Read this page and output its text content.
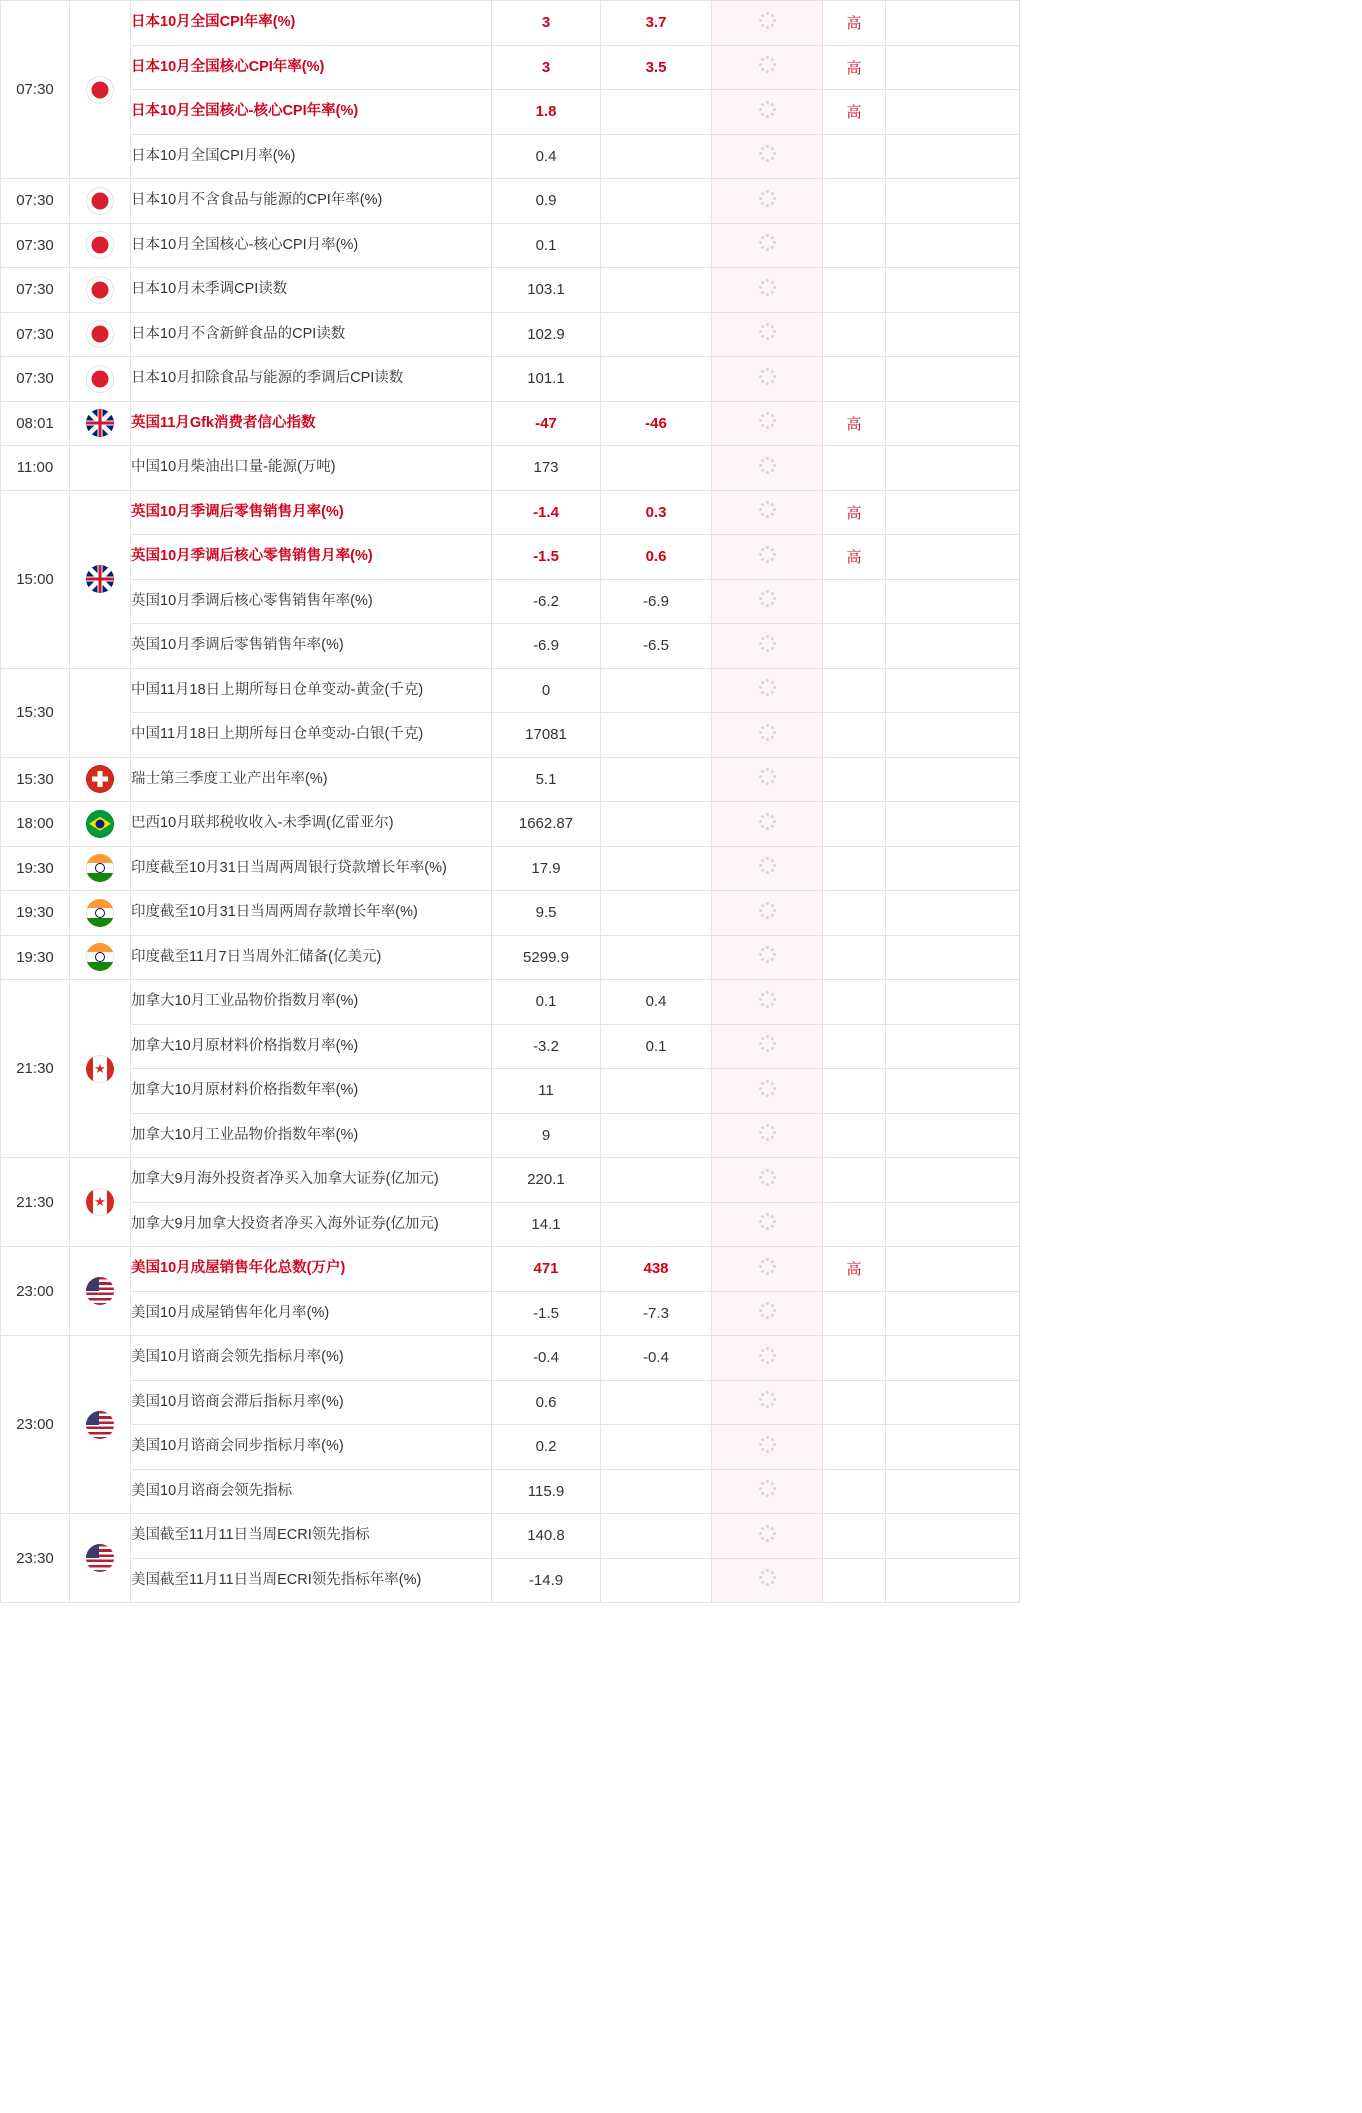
07:30		日本10月全国CPI年率(%)	3	3.7		高	

		日本10月全国核心CPI年率(%)	3	3.5		高	

		日本10月全国核心-核心CPI年率(%)	1.8			高	

		日本10月全国CPI月率(%)	0.4		

07:30		日本10月不含食品与能源的CPI年率(%)	0.9		

07:30		日本10月全国核心-核心CPI月率(%)	0.1		

07:30		日本10月未季调CPI读数	103.1		

07:30		日本10月不含新鲜食品的CPI读数	102.9		

07:30		日本10月扣除食品与能源的季调后CPI读数	101.1		

08:01		英国11月Gfk消费者信心指数	-47	-46		高	

11:00		中国10月柴油出口量-能源(万吨)	173		

15:00		英国10月季调后零售销售月率(%)	-1.4	0.3		高	

		英国10月季调后核心零售销售月率(%)	-1.5	0.6		高	

		英国10月季调后核心零售销售年率(%)	-6.2	-6.9	

		英国10月季调后零售销售年率(%)	-6.9	-6.5	

15:30		中国11月18日上期所每日仓单变动-黄金(千克)	0		

		中国11月18日上期所每日仓单变动-白银(千克)	17081		

15:30		瑞士第三季度工业产出年率(%)	5.1		

18:00		巴西10月联邦税收收入-未季调(亿雷亚尔)	1662.87		

19:30		印度截至10月31日当周两周银行贷款增长年率(%)	17.9		

19:30		印度截至10月31日当周两周存款增长年率(%)	9.5		

19:30		印度截至11月7日当周外汇储备(亿美元)	5299.9		

21:30	★	加拿大10月工业品物价指数月率(%)	0.1	0.4	

		加拿大10月原材料价格指数月率(%)	-3.2	0.1	

		加拿大10月原材料价格指数年率(%)	11		

		加拿大10月工业品物价指数年率(%)	9		

21:30	★	加拿大9月海外投资者净买入加拿大证券(亿加元)	220.1		

		加拿大9月加拿大投资者净买入海外证券(亿加元)	14.1		

23:00		美国10月成屋销售年化总数(万户)	471	438		高	

		美国10月成屋销售年化月率(%)	-1.5	-7.3	

23:00		美国10月谘商会领先指标月率(%)	-0.4	-0.4	

		美国10月谘商会滞后指标月率(%)	0.6		

		美国10月谘商会同步指标月率(%)	0.2		

		美国10月谘商会领先指标	115.9		

23:30		美国截至11月11日当周ECRI领先指标	140.8		

		美国截至11月11日当周ECRI领先指标年率(%)	-14.9		
